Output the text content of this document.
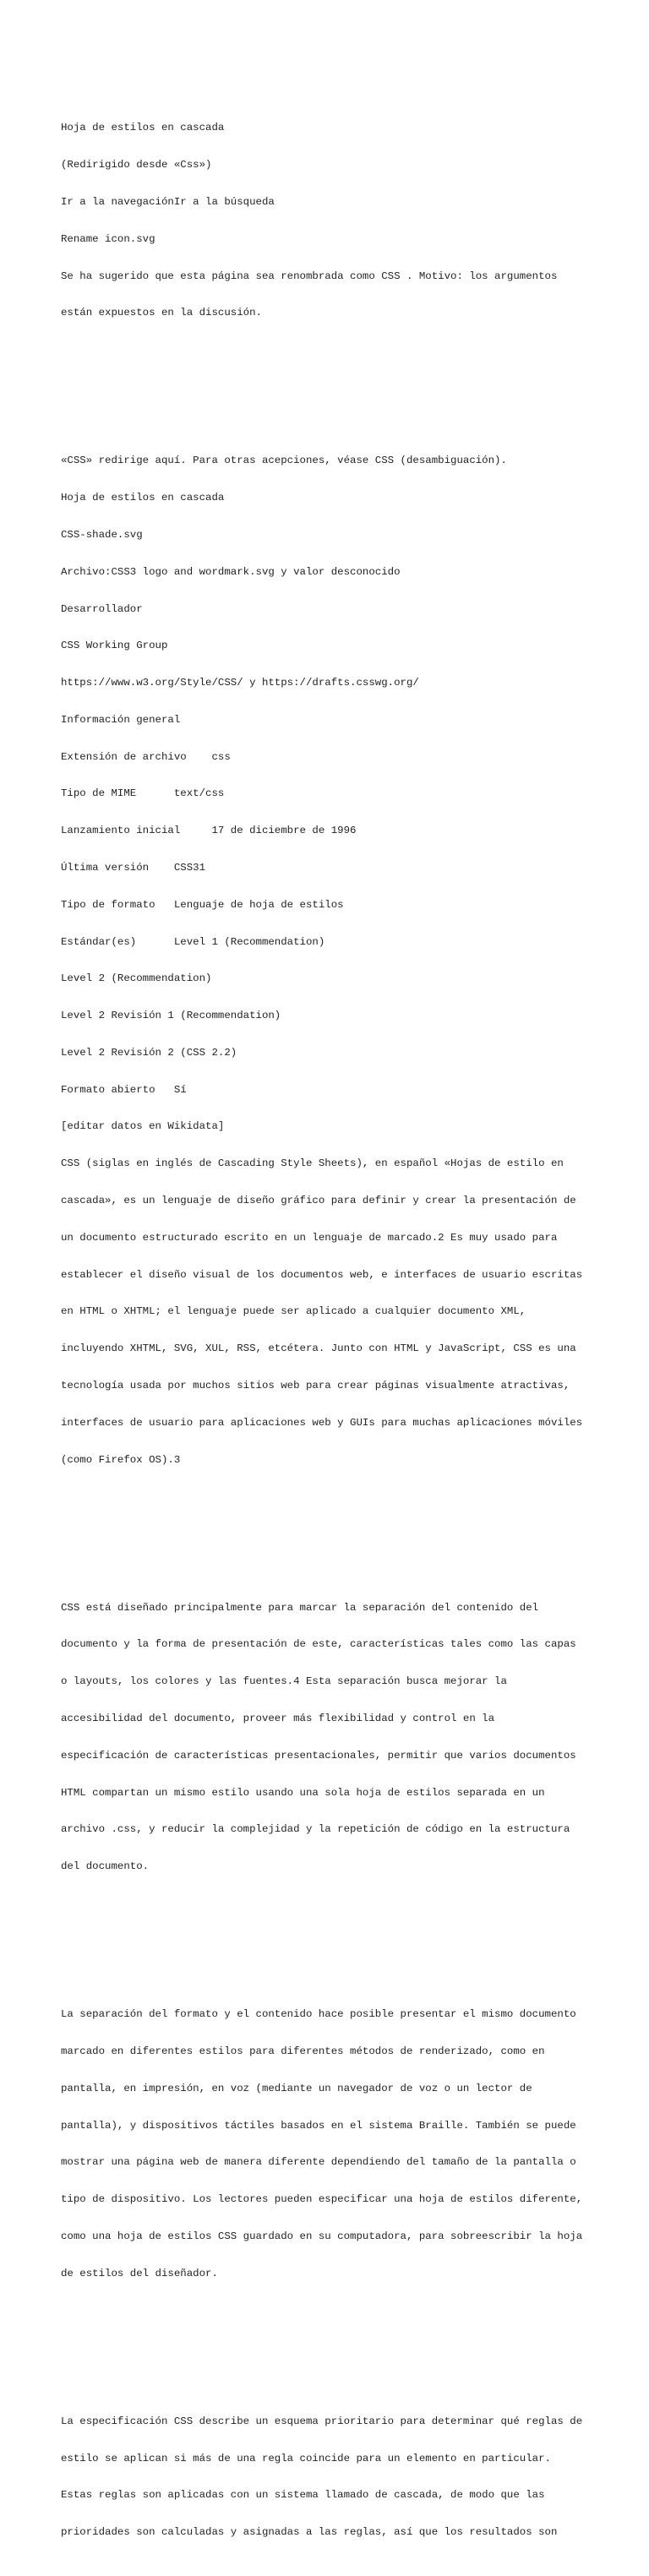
Hoja de estilos en cascada

(Redirigido desde «Css»)

Ir a la navegaciónIr a la búsqueda

Rename icon.svg

Se ha sugerido que esta página sea renombrada como CSS . Motivo: los argumentos

están expuestos en la discusión.

«CSS» redirige aquí. Para otras acepciones, véase CSS (desambiguación).

Hoja de estilos en cascada

CSS-shade.svg

Archivo:CSS3 logo and wordmark.svg y valor desconocido

Desarrollador

CSS Working Group

https://www.w3.org/Style/CSS/ y https://drafts.csswg.org/

Información general

Extensión de archivo    css

Tipo de MIME      text/css

Lanzamiento inicial     17 de diciembre de 1996

Última versión    CSS31

Tipo de formato   Lenguaje de hoja de estilos

Estándar(es)      Level 1 (Recommendation)

Level 2 (Recommendation)

Level 2 Revisión 1 (Recommendation)

Level 2 Revisión 2 (CSS 2.2)

Formato abierto   Sí

[editar datos en Wikidata]

CSS (siglas en inglés de Cascading Style Sheets), en español «Hojas de estilo en

cascada», es un lenguaje de diseño gráfico para definir y crear la presentación de

un documento estructurado escrito en un lenguaje de marcado.2 Es muy usado para

establecer el diseño visual de los documentos web, e interfaces de usuario escritas

en HTML o XHTML; el lenguaje puede ser aplicado a cualquier documento XML,

incluyendo XHTML, SVG, XUL, RSS, etcétera. Junto con HTML y JavaScript, CSS es una

tecnología usada por muchos sitios web para crear páginas visualmente atractivas,

interfaces de usuario para aplicaciones web y GUIs para muchas aplicaciones móviles

(como Firefox OS).3

CSS está diseñado principalmente para marcar la separación del contenido del

documento y la forma de presentación de este, características tales como las capas

o layouts, los colores y las fuentes.4 Esta separación busca mejorar la

accesibilidad del documento, proveer más flexibilidad y control en la

especificación de características presentacionales, permitir que varios documentos

HTML compartan un mismo estilo usando una sola hoja de estilos separada en un

archivo .css, y reducir la complejidad y la repetición de código en la estructura

del documento.

La separación del formato y el contenido hace posible presentar el mismo documento

marcado en diferentes estilos para diferentes métodos de renderizado, como en

pantalla, en impresión, en voz (mediante un navegador de voz o un lector de

pantalla), y dispositivos táctiles basados en el sistema Braille. También se puede

mostrar una página web de manera diferente dependiendo del tamaño de la pantalla o

tipo de dispositivo. Los lectores pueden especificar una hoja de estilos diferente,

como una hoja de estilos CSS guardado en su computadora, para sobreescribir la hoja

de estilos del diseñador.

La especificación CSS describe un esquema prioritario para determinar qué reglas de

estilo se aplican si más de una regla coincide para un elemento en particular.

Estas reglas son aplicadas con un sistema llamado de cascada, de modo que las

prioridades son calculadas y asignadas a las reglas, así que los resultados son
